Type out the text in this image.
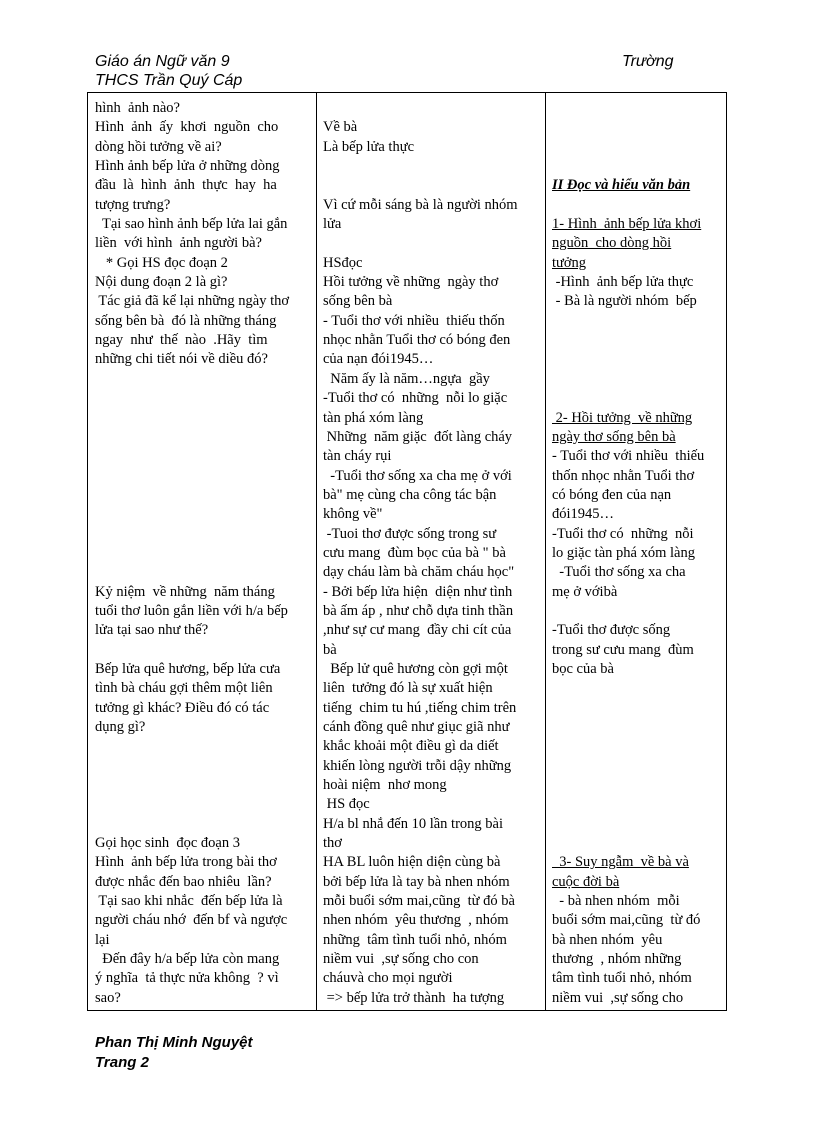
Giáo án Ngữ văn 9
THCS Trần Quý Cáp
Trường
hình  ảnh nào?
Hình  ảnh  ấy  khơi  nguồn  cho
dòng hồi tưởng về ai?
Hình ảnh bếp lửa ở những dòng
đầu  là  hình  ảnh  thực  hay  ha
tượng trưng?
Tại sao hình ảnh bếp lửa lai gắn
liền  với hình  ảnh người bà?
* Gọi HS đọc đoạn 2
Nội dung đoạn 2 là gì?
Tác giả đã kể lại những ngày thơ
sống bên bà  đó là những tháng
ngay  như  thế  nào  .Hãy  tìm
những chi tiết nói về diều đó?
Kỷ niệm  về những  năm tháng
tuổi thơ luôn gắn liền với h/a bếp
lửa tại sao như thế?
Bếp lửa quê hương, bếp lửa cưa
tình bà cháu gợi thêm một liên
tưởng gì khác? Điều đó có tác
dụng gì?
Gọi học sinh  đọc đoạn 3
Hình  ảnh bếp lửa trong bài thơ
được nhắc đến bao nhiêu  lần?
Tại sao khi nhắc  đến bếp lửa là
người cháu nhớ  đến bf và ngược
lại
Đến đây h/a bếp lửa còn mang
ý nghĩa  tả thực nửa không  ? vì
sao?
Về bà
Là bếp lửa thực
Vì cứ mỗi sáng bà là người nhóm
lửa
HSđọc
Hồi tưởng về những  ngày thơ
sống bên bà
- Tuổi thơ với nhiều  thiếu thốn
nhọc nhằn Tuổi thơ có bóng đen
của nạn đói1945…
Năm ấy là năm…ngựa  gầy
-Tuổi thơ có  những  nỗi lo giặc
tàn phá xóm làng
Những  năm giặc  đốt làng cháy
tàn cháy rụi
-Tuổi thơ sống xa cha mẹ ở với
bà" mẹ cùng cha công tác bận
không về"
-Tuoi thơ được sống trong sư
cưu mang  đùm bọc của bà " bà
dạy cháu làm bà chăm cháu học"
- Bởi bếp lửa hiện  diện như tình
bà ấm áp , như chỗ dựa tinh thần
,như sự cư mang  đầy chi cít của
bà
Bếp lử quê hương còn gợi một
liên  tưởng đó là sự xuất hiện
tiếng  chim tu hú ,tiếng chim trên
cánh đồng quê như giục giã như
khắc khoải một điều gì da diết
khiến lòng người trỗi dậy những
hoài niệm  nhơ mong
HS đọc
H/a bl nhắ đến 10 lần trong bài
thơ
HA BL luôn hiện diện cùng bà
bởi bếp lửa là tay bà nhen nhóm
mỗi buổi sớm mai,cũng  từ đó bà
nhen nhóm  yêu thương  , nhóm
những  tâm tình tuổi nhỏ, nhóm
niềm vui  ,sự sống cho con
cháuvà cho mọi người
=> bếp lửa trở thành  ha tượng
II Đọc và hiểu văn bản
1- Hình  ảnh bếp lửa khơi
nguồn  cho dòng hồi
tưởng
-Hình  ảnh bếp lửa thực
- Bà là người nhóm  bếp
2- Hồi tưởng  về những
ngày thơ sống bên bà
- Tuổi thơ với nhiều  thiếu
thốn nhọc nhằn Tuổi thơ
có bóng đen của nạn
đói1945…
-Tuổi thơ có  những  nỗi
lo giặc tàn phá xóm làng
-Tuổi thơ sống xa cha
mẹ ở vớibà
-Tuổi thơ được sống
trong sư cưu mang  đùm
bọc của bà
3- Suy ngẫm  về bà và
cuộc đời bà
- bà nhen nhóm  mỗi
buổi sớm mai,cũng  từ đó
bà nhen nhóm  yêu
thương  , nhóm những
tâm tình tuổi nhỏ, nhóm
niềm vui  ,sự sống cho
Phan Thị Minh Nguyệt
Trang 2
